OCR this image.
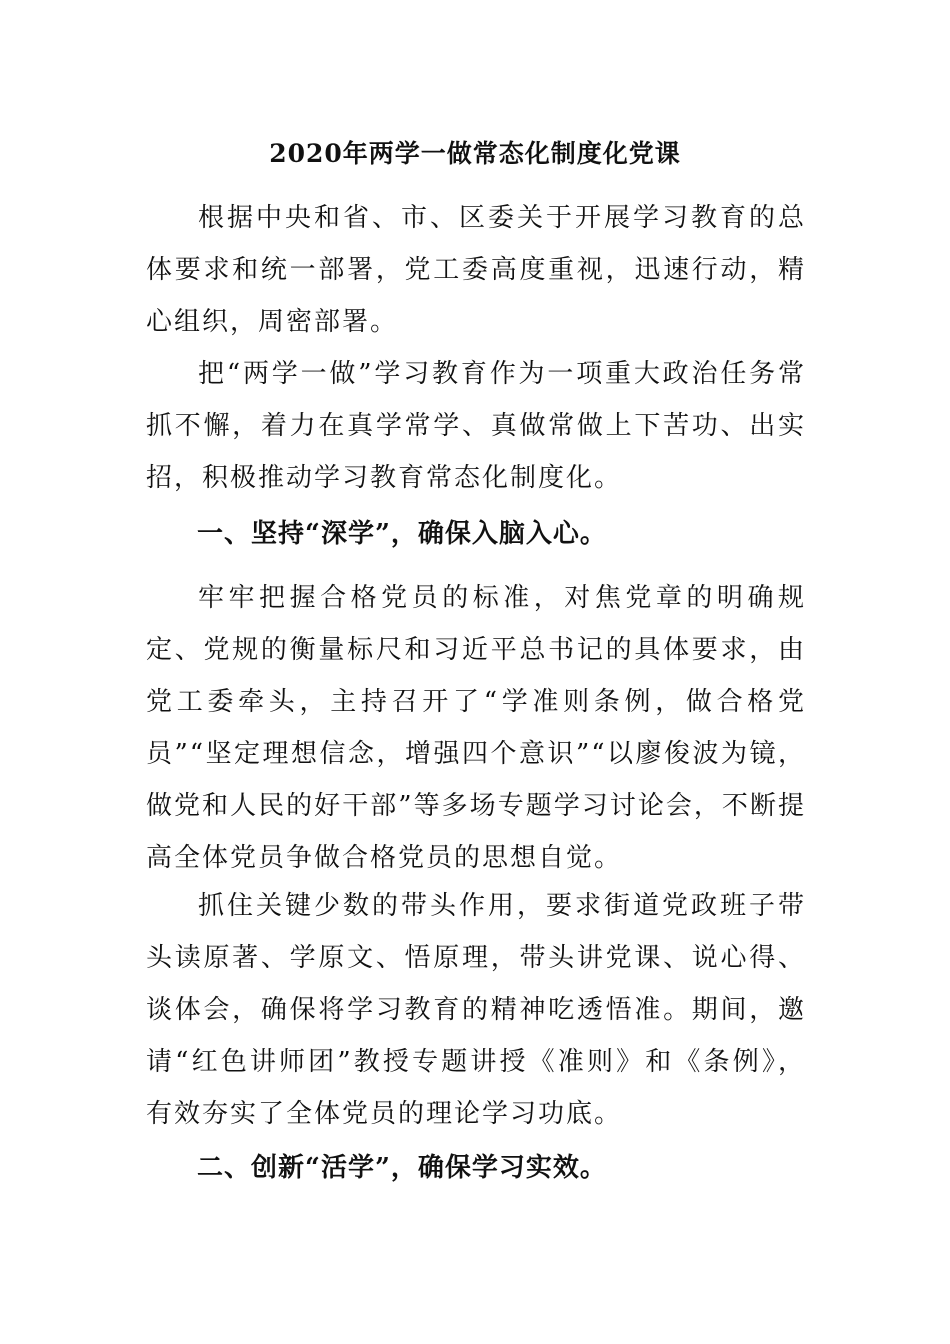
2020年两学一做常态化制度化党课

根据中央和省、市、区委关于开展学习教育的总体要求和统一部署，党工委高度重视，迅速行动，精心组织，周密部署。

把“两学一做”学习教育作为一项重大政治任务常抓不懈，着力在真学常学、真做常做上下苦功、出实招，积极推动学习教育常态化制度化。

一、坚持“深学”，确保入脑入心。

牢牢把握合格党员的标准，对焦党章的明确规定、党规的衡量标尺和习近平总书记的具体要求，由党工委牵头，主持召开了“学准则条例，做合格党员”“坚定理想信念，增强四个意识”“以廖俊波为镜， 做党和人民的好干部”等多场专题学习讨论会，不断提高全体党员争做合格党员的思想自觉。

抓住关键少数的带头作用，要求街道党政班子带头读原著、学原文、悟原理，带头讲党课、说心得、谈体会，确保将学习教育的精神吃透悟准。期间，邀请“红色讲师团”教授专题讲授《准则》和《条例》，有效夯实了全体党员的理论学习功底。

二、创新“活学”，确保学习实效。
